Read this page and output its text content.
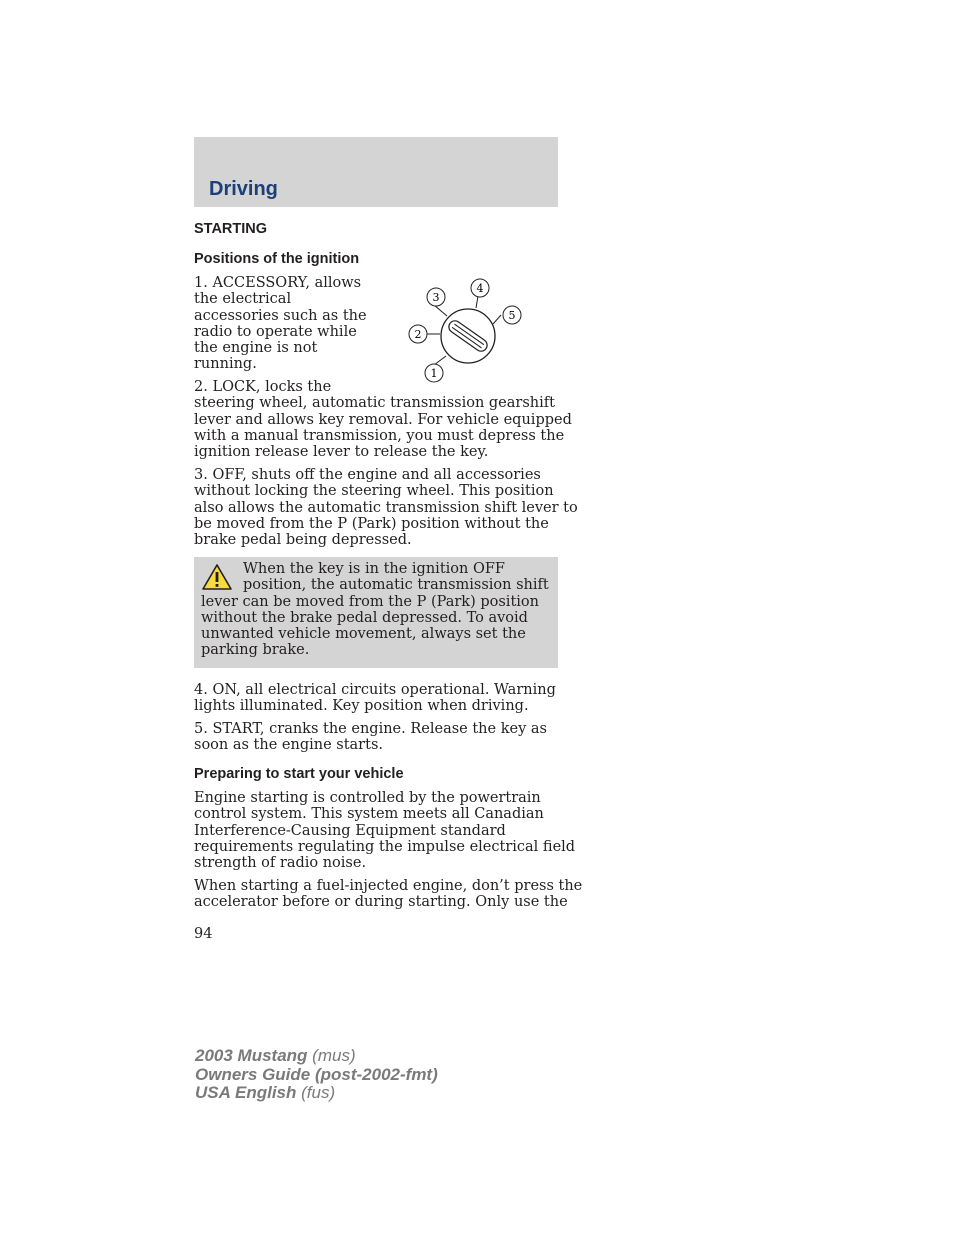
Driving
STARTING
Positions of the ignition

1. ACCESSORY, allows
the electrical
accessories such as the
radio to operate while
the engine is not
running.

1
2
3
4
5

2. LOCK, locks the
steering wheel, automatic transmission gearshift
lever and allows key removal. For vehicle equipped
with a manual transmission, you must depress the
ignition release lever to release the key.

3. OFF, shuts off the engine and all accessories
without locking the steering wheel. This position
also allows the automatic transmission shift lever to
be moved from the P (Park) position without the
brake pedal being depressed.

When the key is in the ignition OFF
position, the automatic transmission shift
lever can be moved from the P (Park) position
without the brake pedal depressed. To avoid
unwanted vehicle movement, always set the
parking brake.

4. ON, all electrical circuits operational. Warning
lights illuminated. Key position when driving.

5. START, cranks the engine. Release the key as
soon as the engine starts.

Preparing to start your vehicle

Engine starting is controlled by the powertrain
control system. This system meets all Canadian
Interference-Causing Equipment standard
requirements regulating the impulse electrical field
strength of radio noise.

When starting a fuel-injected engine, don’t press the
accelerator before or during starting. Only use the

94

2003 Mustang (mus)
Owners Guide (post-2002-fmt)
USA English (fus)
